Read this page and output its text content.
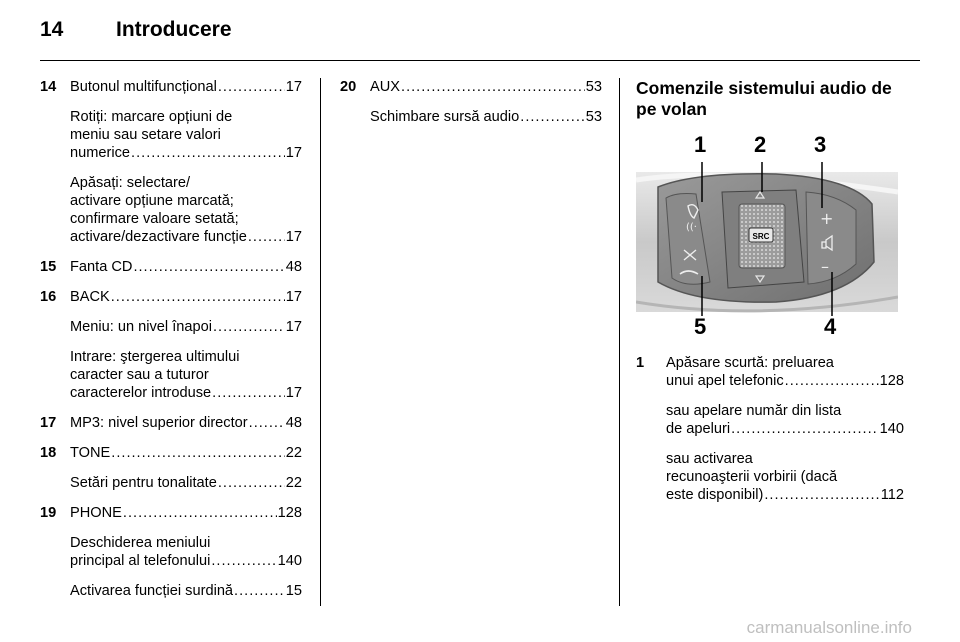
14	Introducere
14 Butonul multifuncțional .....	17
Rotiți: marcare opțiuni de
meniu sau setare valori
numerice .....	17
Apăsați: selectare/
activare opțiune marcată;
confirmare valoare setată;
activare/dezactivare funcție .....	17
15 Fanta CD .....	48
16 BACK .....	17
Meniu: un nivel înapoi .....	17
Intrare: ştergerea ultimului
caracter sau a tuturor
caracterelor introduse .....	17
17 MP3: nivel superior director .....	48
18 TONE .....	22
Setări pentru tonalitate .....	22
19 PHONE .....	128
Deschiderea meniului
principal al telefonului .....	140
Activarea funcției surdină .....	15
20 AUX .....	53
Schimbare sursă audio .....	53
Comenzile sistemului audio de pe volan
SRC
((·	+
–
1 2 3
4
5
1 Apăsare scurtă: preluarea
unui apel telefonic .....	128
sau apelare număr din lista
de apeluri .....	140
sau activarea
recunoaşterii vorbirii (dacă
este disponibil) .....	112
carmanualsonline.info
